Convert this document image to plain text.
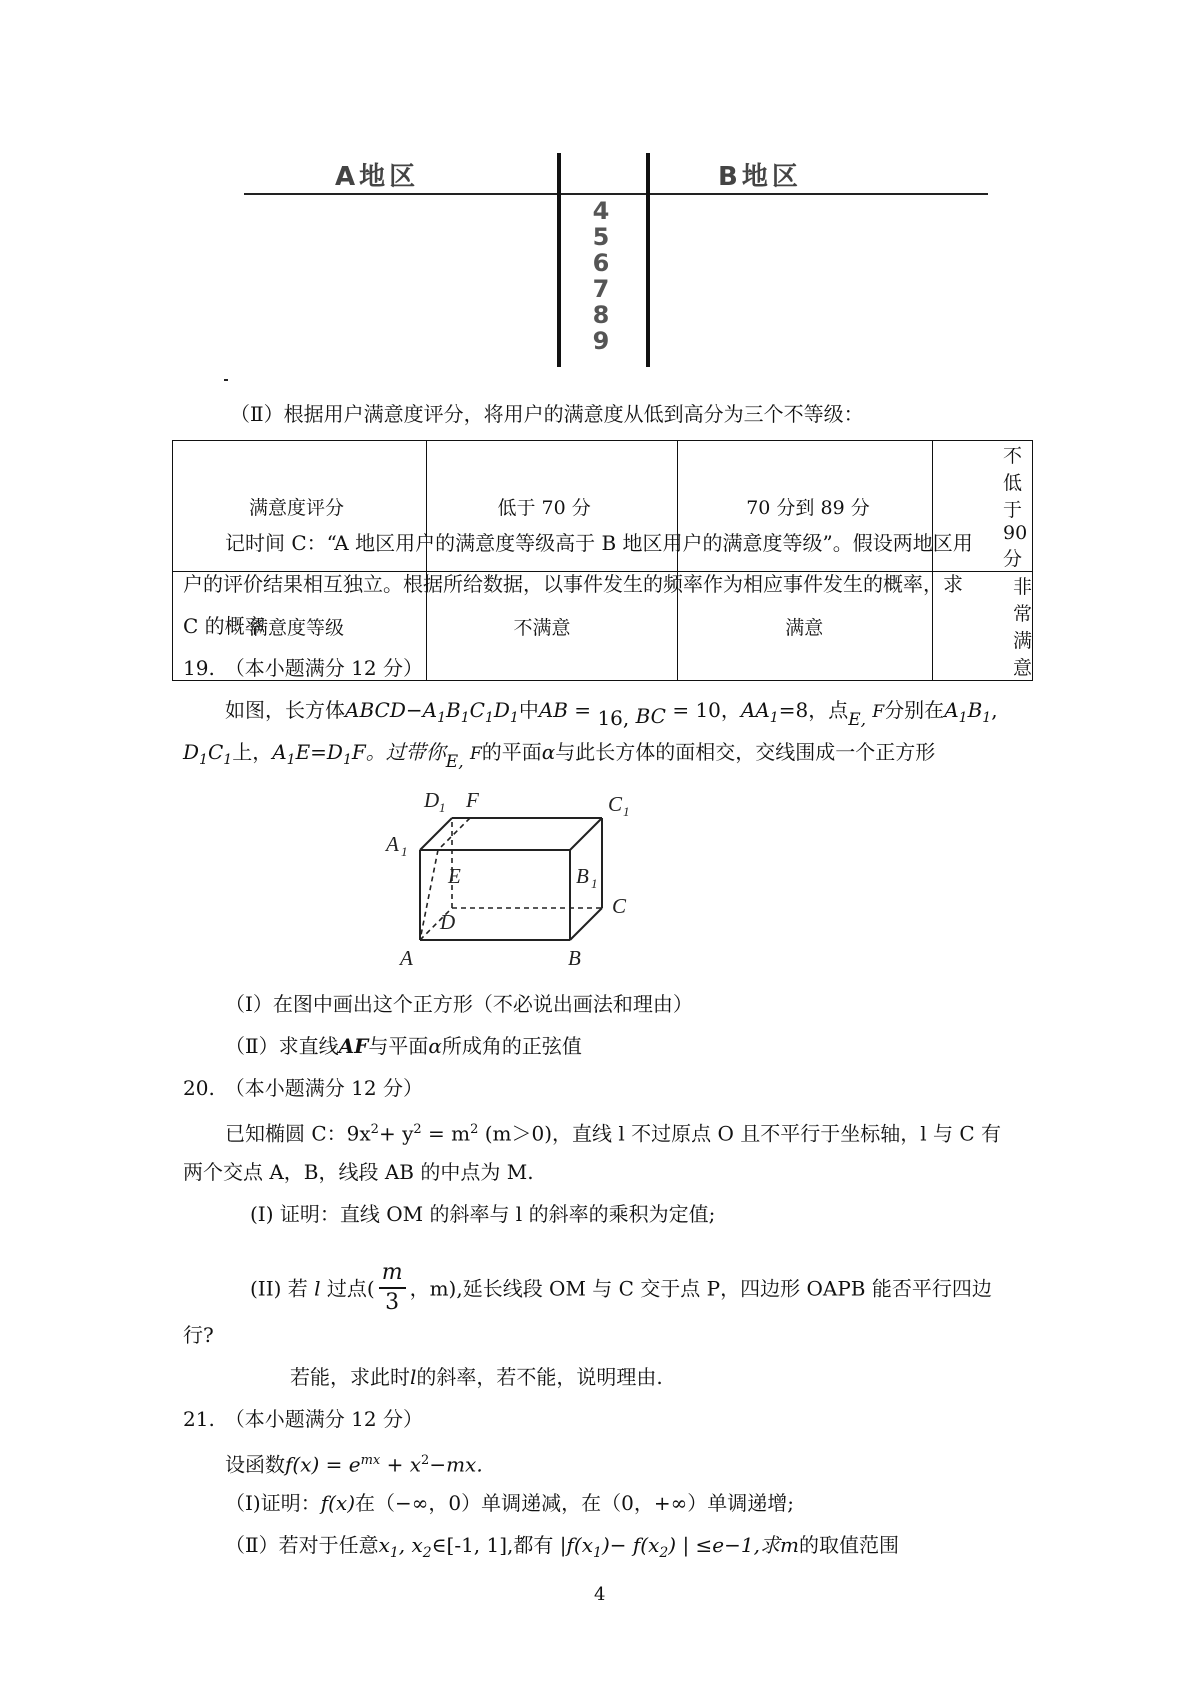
A地区	B地区
4
5
6
7
8
9
（Ⅱ）根据用户满意度评分，将用户的满意度从低到高分为三个不等级：
满意度评分	低于 70 分	70 分到 89 分	不低于 90 分
满意度等级	不满意	满意	非常满意
记时间 C：“A 地区用户的满意度等级高于 B 地区用户的满意度等级”。假设两地区用
户的评价结果相互独立。根据所给数据，以事件发生的频率作为相应事件发生的概率，求
C 的概率
19.　（本小题满分 12 分）
如图，长方体$ABCD-A_1B_1C_1D_1$中AB = 16, BC = 10，$AA_1=8$，点$_{E,}$ F分别在$A_1B_1$,
$D_1C_1$上，$A_1E=D_1F$。过带你$_{E,}$ F的平面α与此长方体的面相交，交线围成一个正方形
D 1 F	C 1
A 1
E	B 1
C
D
A	B
（Ⅰ）在图中画出这个正方形（不必说出画法和理由）
（Ⅱ）求直线AF与平面α所成角的正弦值
20.　（本小题满分 12 分）
已知椭圆 C：$9x^2+ y^2 = m^2$ (m＞0)，直线 l 不过原点 O 且不平行于坐标轴，l 与 C 有
两个交点 A，B，线段 AB 的中点为 M.
(I) 证明：直线 OM 的斜率与 l 的斜率的乘积为定值;
(II) 若 l 过点( $\frac{m}{3}$ ，m),延长线段 OM 与 C 交于点 P，四边形 OAPB 能否平行四边
行?
若能，求此时l的斜率，若不能，说明理由.
21.　（本小题满分 12 分）
设函数$f(x) = e^{mx} + x^2-mx$.
（Ⅰ)证明：f(x)在（−∞，0）单调递减，在（0，+∞）单调递增;
（Ⅱ）若对于任意$x_1$, $x_2\in[-1$, 1],都有 $|f(x_1)- f(x_2)$ | ≤e−1,求m的取值范围
4
